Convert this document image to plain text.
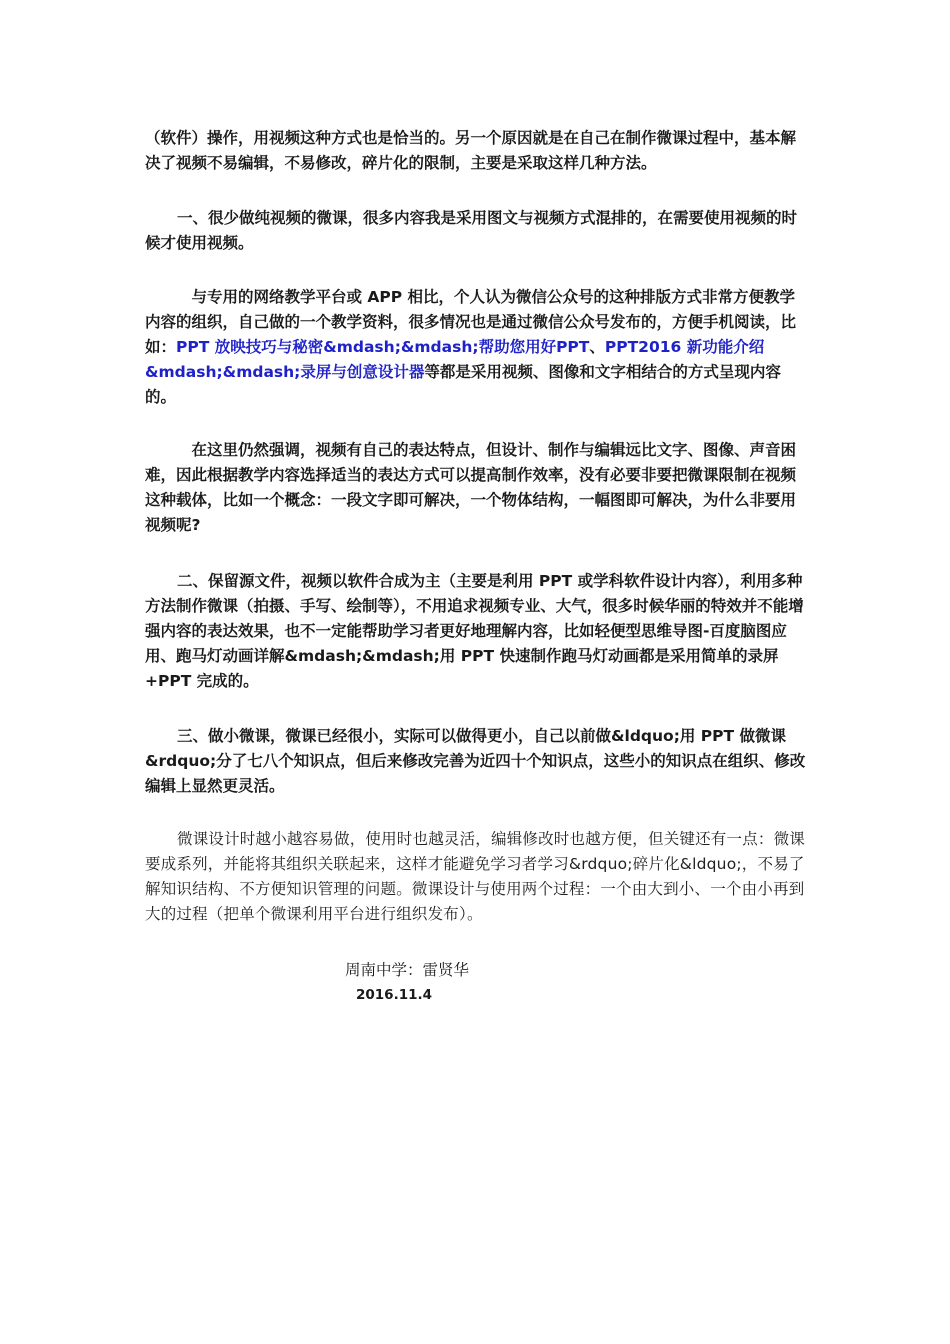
（软件）操作，用视频这种方式也是恰当的。另一个原因就是在自己在制作微课过程中，基本解决了视频不易编辑，不易修改，碎片化的限制，主要是采取这样几种方法。

一、很少做纯视频的微课，很多内容我是采用图文与视频方式混排的，在需要使用视频的时候才使用视频。

　　　与专用的网络教学平台或 APP 相比，个人认为微信公众号的这种排版方式非常方便教学内容的组织，自己做的一个教学资料，很多情况也是通过微信公众号发布的，方便手机阅读，比如：PPT 放映技巧与秘密&mdash;&mdash;帮助您用好PPT、PPT2016 新功能介绍&mdash;&mdash;录屏与创意设计器等都是采用视频、图像和文字相结合的方式呈现内容的。

　　　在这里仍然强调，视频有自己的表达特点，但设计、制作与编辑远比文字、图像、声音困难，因此根据教学内容选择适当的表达方式可以提高制作效率，没有必要非要把微课限制在视频这种载体，比如一个概念：一段文字即可解决，一个物体结构，一幅图即可解决，为什么非要用视频呢?

二、保留源文件，视频以软件合成为主（主要是利用 PPT 或学科软件设计内容），利用多种方法制作微课（拍摄、手写、绘制等），不用追求视频专业、大气，很多时候华丽的特效并不能增强内容的表达效果，也不一定能帮助学习者更好地理解内容，比如轻便型思维导图-百度脑图应用、跑马灯动画详解&mdash;&mdash;用 PPT 快速制作跑马灯动画都是采用简单的录屏+PPT 完成的。

三、做小微课，微课已经很小，实际可以做得更小，自己以前做&ldquo;用 PPT 做微课&rdquo;分了七八个知识点，但后来修改完善为近四十个知识点，这些小的知识点在组织、修改编辑上显然更灵活。

微课设计时越小越容易做，使用时也越灵活，编辑修改时也越方便，但关键还有一点：微课要成系列，并能将其组织关联起来，这样才能避免学习者学习&rdquo;碎片化&ldquo;，不易了解知识结构、不方便知识管理的问题。微课设计与使用两个过程：一个由大到小、一个由小再到大的过程（把单个微课利用平台进行组织发布）。

周南中学：雷贤华

2016.11.4
